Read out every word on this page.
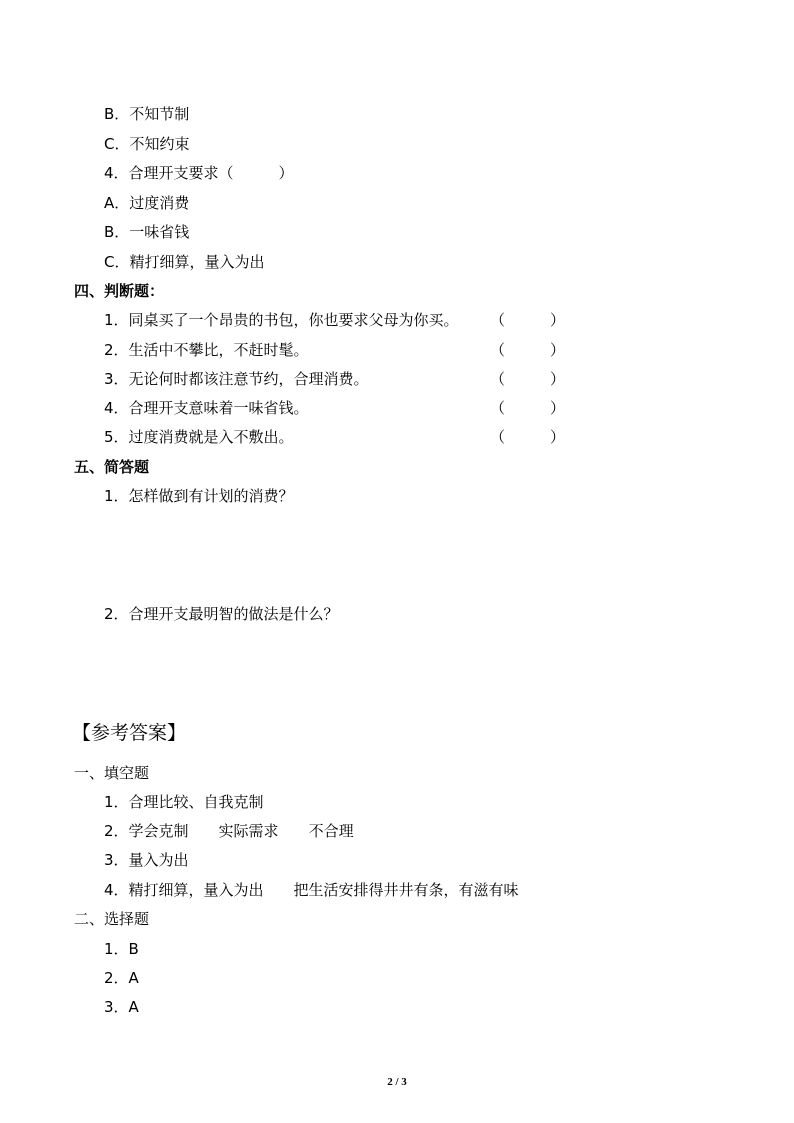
B．不知节制
C．不知约束
4．合理开支要求（　　　）
A．过度消费
B．一味省钱
C．精打细算，量入为出
四、判断题：
1．同桌买了一个昂贵的书包，你也要求父母为你买。 （　　　）
2．生活中不攀比，不赶时髦。	（　　　）
3．无论何时都该注意节约，合理消费。	（　　　）
4．合理开支意味着一味省钱。	（　　　）
5．过度消费就是入不敷出。	（　　　）
五、简答题
1．怎样做到有计划的消费？
2．合理开支最明智的做法是什么？
【参考答案】
一、填空题
1．合理比较、自我克制
2．学会克制 实际需求 不合理
3．量入为出
4．精打细算，量入为出 把生活安排得井井有条，有滋有味
二、选择题
1．B
2．A
3．A
2 / 3
